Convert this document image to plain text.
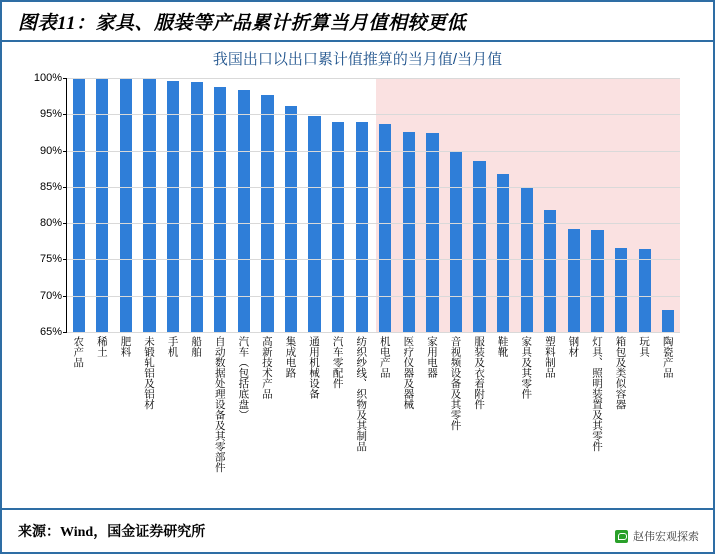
图表11：家具、服装等产品累计折算当月值相较更低
我国出口以出口累计值推算的当月值/当月值
65%
70%
75%
80%
85%
90%
95%
100%
农产品 稀土 肥料 未锻轧铝及铝材 手机 船舶 自动数据处理设备及其零部件 汽车（包括底盘） 高新技术产品 集成电路 通用机械设备 汽车零配件 纺织纱线、织物及其制品 机电产品 医疗仪器及器械 家用电器 音视频设备及其零件 服装及衣着附件 鞋靴 家具及其零件 塑料制品 钢材 灯具、照明装置及其零件 箱包及类似容器 玩具 陶瓷产品
来源：Wind，国金证券研究所	赵伟宏观探索
